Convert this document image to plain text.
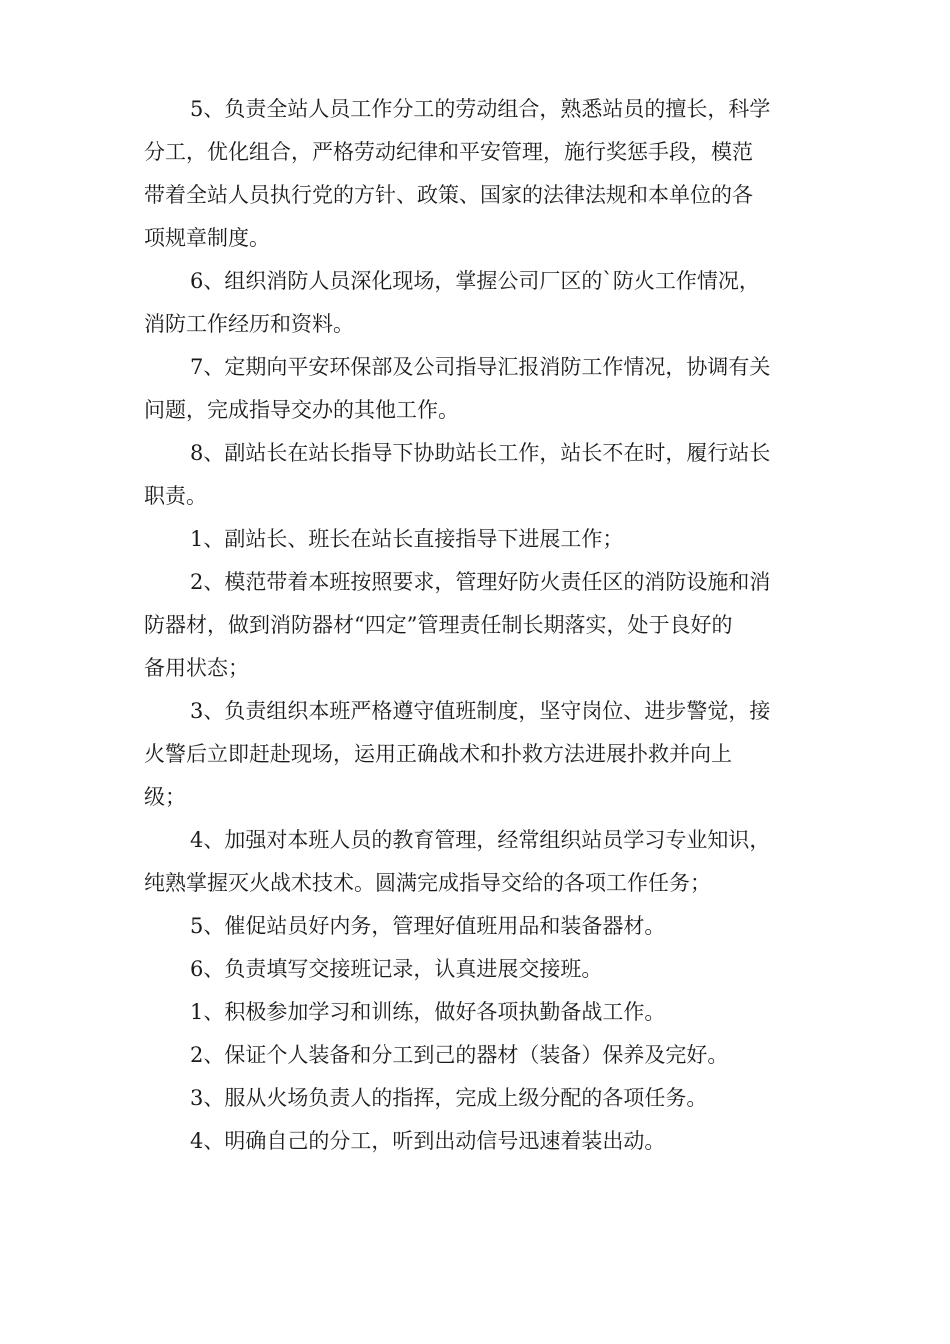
5、负责全站人员工作分工的劳动组合，熟悉站员的擅长，科学
分工，优化组合，严格劳动纪律和平安管理，施行奖惩手段，模范
带着全站人员执行党的方针、政策、国家的法律法规和本单位的各
项规章制度。
6、组织消防人员深化现场，掌握公司厂区的`防火工作情况，
消防工作经历和资料。
7、定期向平安环保部及公司指导汇报消防工作情况，协调有关
问题，完成指导交办的其他工作。
8、副站长在站长指导下协助站长工作，站长不在时，履行站长
职责。
1、副站长、班长在站长直接指导下进展工作；
2、模范带着本班按照要求，管理好防火责任区的消防设施和消
防器材，做到消防器材“四定”管理责任制长期落实，处于良好的
备用状态；
3、负责组织本班严格遵守值班制度，坚守岗位、进步警觉，接
火警后立即赶赴现场，运用正确战术和扑救方法进展扑救并向上
级；
4、加强对本班人员的教育管理，经常组织站员学习专业知识，
纯熟掌握灭火战术技术。圆满完成指导交给的各项工作任务；
5、催促站员好内务，管理好值班用品和装备器材。
6、负责填写交接班记录，认真进展交接班。
1、积极参加学习和训练，做好各项执勤备战工作。
2、保证个人装备和分工到己的器材（装备）保养及完好。
3、服从火场负责人的指挥，完成上级分配的各项任务。
4、明确自己的分工，听到出动信号迅速着装出动。
